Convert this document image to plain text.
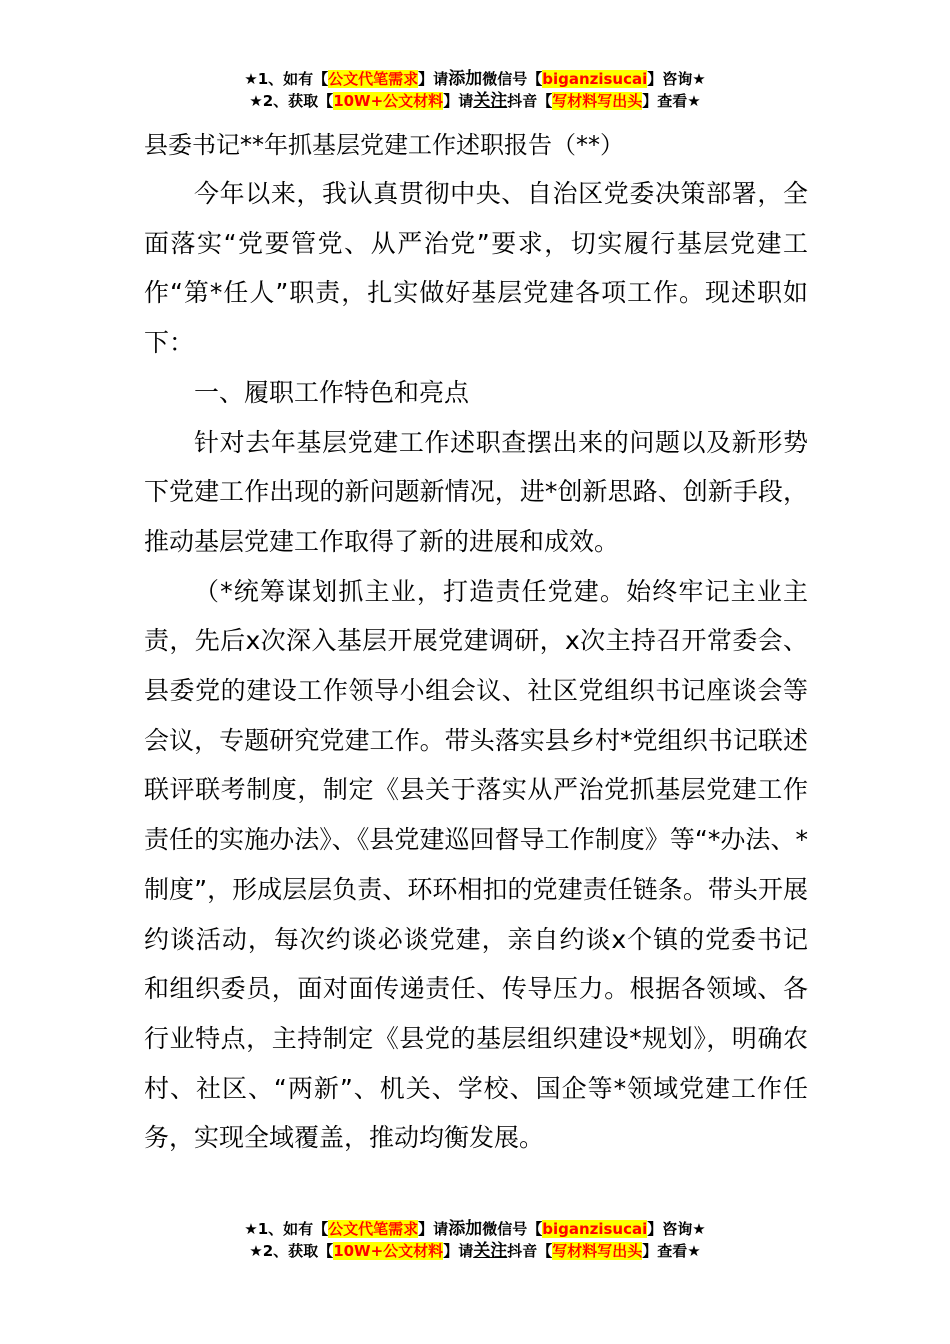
★1、如有【公文代笔需求】请添加微信号【biganzisucai】咨询★
★2、获取【10W+公文材料】请关注抖音【写材料写出头】查看★

县委书记**年抓基层党建工作述职报告（**）

今年以来，我认真贯彻中央、自治区党委决策部署，全面落实“党要管党、从严治党”要求，切实履行基层党建工作“第*任人”职责，扎实做好基层党建各项工作。现述职如下：

一、履职工作特色和亮点

针对去年基层党建工作述职查摆出来的问题以及新形势下党建工作出现的新问题新情况，进*创新思路、创新手段，推动基层党建工作取得了新的进展和成效。

（*统筹谋划抓主业，打造责任党建。始终牢记主业主责，先后x次深入基层开展党建调研，x次主持召开常委会、县委党的建设工作领导小组会议、社区党组织书记座谈会等会议，专题研究党建工作。带头落实县乡村*党组织书记联述联评联考制度，制定《县关于落实从严治党抓基层党建工作责任的实施办法》、《县党建巡回督导工作制度》等“*办法、*制度”，形成层层负责、环环相扣的党建责任链条。带头开展约谈活动，每次约谈必谈党建，亲自约谈x个镇的党委书记和组织委员，面对面传递责任、传导压力。根据各领域、各行业特点，主持制定《县党的基层组织建设*规划》，明确农村、社区、“两新”、机关、学校、国企等*领域党建工作任务，实现全域覆盖，推动均衡发展。

★1、如有【公文代笔需求】请添加微信号【biganzisucai】咨询★
★2、获取【10W+公文材料】请关注抖音【写材料写出头】查看★
